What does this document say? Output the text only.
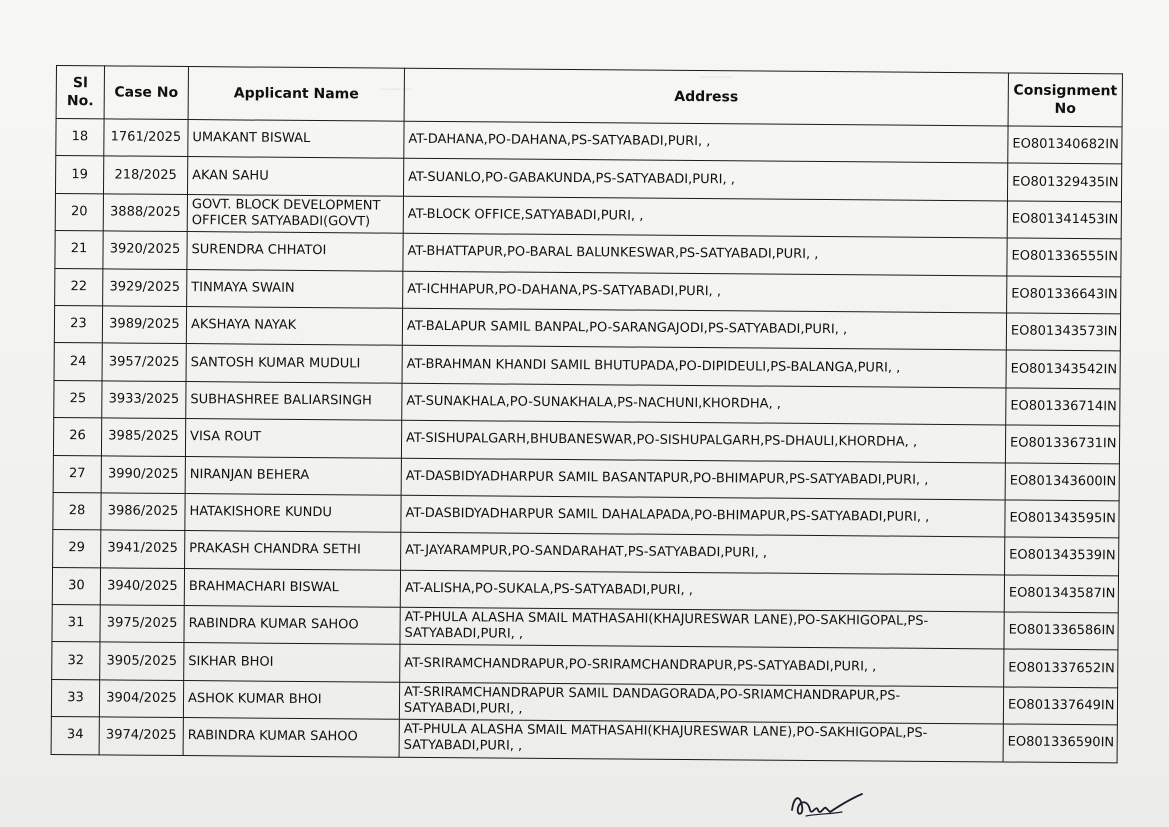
———
———
Sl No.	Case No	Applicant Name	Address	Consignment No
18	1761/2025	UMAKANT BISWAL	AT-DAHANA,PO-DAHANA,PS-SATYABADI,PURI, ,	EO801340682IN
19	218/2025	AKAN SAHU	AT-SUANLO,PO-GABAKUNDA,PS-SATYABADI,PURI, ,	EO801329435IN
20	3888/2025	GOVT. BLOCK DEVELOPMENT OFFICER SATYABADI(GOVT)	AT-BLOCK OFFICE,SATYABADI,PURI, ,	EO801341453IN
21	3920/2025	SURENDRA CHHATOI	AT-BHATTAPUR,PO-BARAL BALUNKESWAR,PS-SATYABADI,PURI, ,	EO801336555IN
22	3929/2025	TINMAYA SWAIN	AT-ICHHAPUR,PO-DAHANA,PS-SATYABADI,PURI, ,	EO801336643IN
23	3989/2025	AKSHAYA NAYAK	AT-BALAPUR SAMIL BANPAL,PO-SARANGAJODI,PS-SATYABADI,PURI, ,	EO801343573IN
24	3957/2025	SANTOSH KUMAR MUDULI	AT-BRAHMAN KHANDI SAMIL BHUTUPADA,PO-DIPIDEULI,PS-BALANGA,PURI, ,	EO801343542IN
25	3933/2025	SUBHASHREE BALIARSINGH	AT-SUNAKHALA,PO-SUNAKHALA,PS-NACHUNI,KHORDHA, ,	EO801336714IN
26	3985/2025	VISA ROUT	AT-SISHUPALGARH,BHUBANESWAR,PO-SISHUPALGARH,PS-DHAULI,KHORDHA, ,	EO801336731IN
27	3990/2025	NIRANJAN BEHERA	AT-DASBIDYADHARPUR SAMIL BASANTAPUR,PO-BHIMAPUR,PS-SATYABADI,PURI, ,	EO801343600IN
28	3986/2025	HATAKISHORE KUNDU	AT-DASBIDYADHARPUR SAMIL DAHALAPADA,PO-BHIMAPUR,PS-SATYABADI,PURI, ,	EO801343595IN
29	3941/2025	PRAKASH CHANDRA SETHI	AT-JAYARAMPUR,PO-SANDARAHAT,PS-SATYABADI,PURI, ,	EO801343539IN
30	3940/2025	BRAHMACHARI BISWAL	AT-ALISHA,PO-SUKALA,PS-SATYABADI,PURI, ,	EO801343587IN
31	3975/2025	RABINDRA KUMAR SAHOO	AT-PHULA ALASHA SMAIL MATHASAHI(KHAJURESWAR LANE),PO-SAKHIGOPAL,PS-SATYABADI,PURI, ,	EO801336586IN
32	3905/2025	SIKHAR BHOI	AT-SRIRAMCHANDRAPUR,PO-SRIRAMCHANDRAPUR,PS-SATYABADI,PURI, ,	EO801337652IN
33	3904/2025	ASHOK KUMAR BHOI	AT-SRIRAMCHANDRAPUR SAMIL DANDAGORADA,PO-SRIAMCHANDRAPUR,PS-SATYABADI,PURI, ,	EO801337649IN
34	3974/2025	RABINDRA KUMAR SAHOO	AT-PHULA ALASHA SMAIL MATHASAHI(KHAJURESWAR LANE),PO-SAKHIGOPAL,PS-SATYABADI,PURI, ,	EO801336590IN
